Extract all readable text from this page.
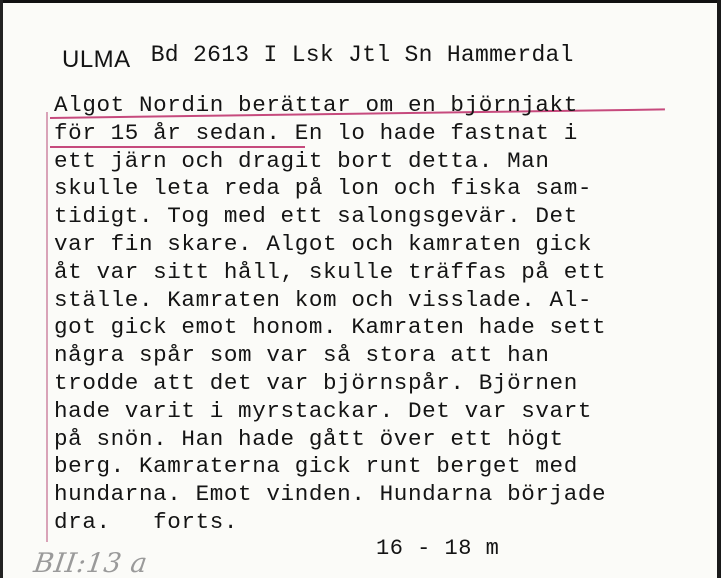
ULMA Bd 2613 I Lsk Jtl Sn Hammerdal
Algot Nordin berättar om en björnjakt
för 15 år sedan. En lo hade fastnat i
ett järn och dragit bort detta. Man
skulle leta reda på lon och fiska sam-
tidigt. Tog med ett salongsgevär. Det
var fin skare. Algot och kamraten gick
åt var sitt håll, skulle träffas på ett
ställe. Kamraten kom och visslade. Al-
got gick emot honom. Kamraten hade sett
några spår som var så stora att han
trodde att det var björnspår. Björnen
hade varit i myrstackar. Det var svart
på snön. Han hade gått över ett högt
berg. Kamraterna gick runt berget med
hundarna. Emot vinden. Hundarna började
dra.   forts.
16 - 18 m
BII:13 a
